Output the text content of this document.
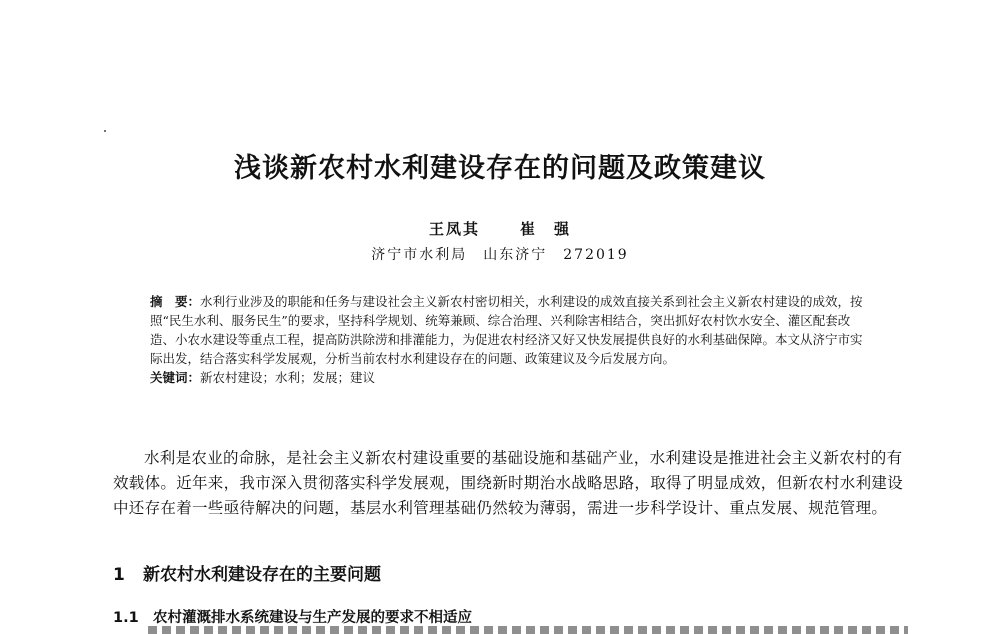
浅谈新农村水利建设存在的问题及政策建议
王凤其	崔　强
济宁市水利局　山东济宁　272019
摘　要：水利行业涉及的职能和任务与建设社会主义新农村密切相关，水利建设的成效直接关系到社会主义新农村建设的成效，按照“民生水利、服务民生”的要求，坚持科学规划、统筹兼顾、综合治理、兴利除害相结合，突出抓好农村饮水安全、灌区配套改造、小农水建设等重点工程，提高防洪除涝和排灌能力，为促进农村经济又好又快发展提供良好的水利基础保障。本文从济宁市实际出发，结合落实科学发展观，分析当前农村水利建设存在的问题、政策建议及今后发展方向。
关键词：新农村建设；水利；发展；建议

水利是农业的命脉，是社会主义新农村建设重要的基础设施和基础产业，水利建设是推进社会主义新农村的有效载体。近年来，我市深入贯彻落实科学发展观，围绕新时期治水战略思路，取得了明显成效，但新农村水利建设中还存在着一些亟待解决的问题，基层水利管理基础仍然较为薄弱，需进一步科学设计、重点发展、规范管理。

1 新农村水利建设存在的主要问题
1.1 农村灌溉排水系统建设与生产发展的要求不相适应
